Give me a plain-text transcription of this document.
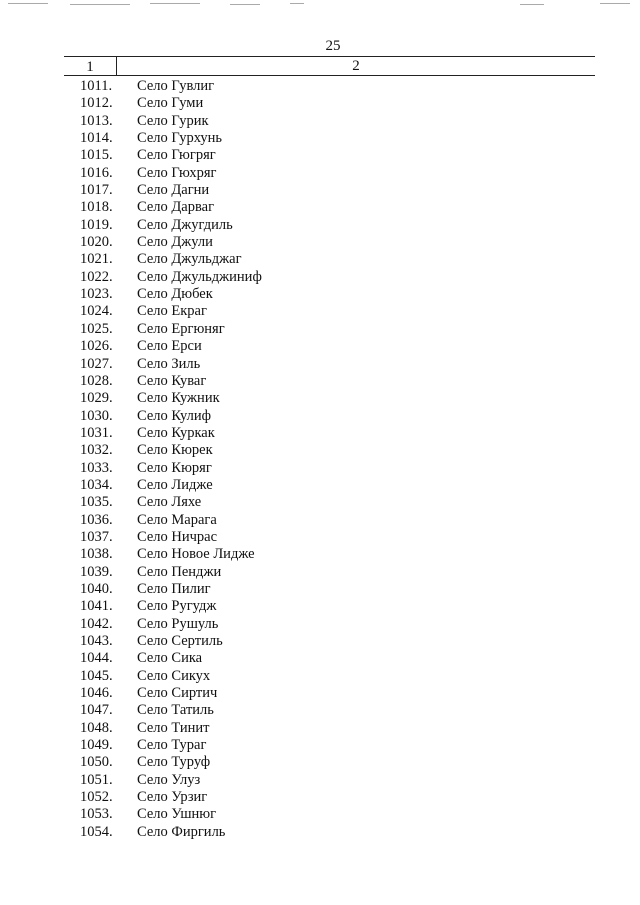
25
1	2
1011. Село Гувлиг
1012. Село Гуми
1013. Село Гурик
1014. Село Гурхунь
1015. Село Гюгряг
1016. Село Гюхряг
1017. Село Дагни
1018. Село Дарваг
1019. Село Джугдиль
1020. Село Джули
1021. Село Джульджаг
1022. Село Джульджиниф
1023. Село Дюбек
1024. Село Екраг
1025. Село Ергюняг
1026. Село Ерси
1027. Село Зиль
1028. Село Куваг
1029. Село Кужник
1030. Село Кулиф
1031. Село Куркак
1032. Село Кюрек
1033. Село Кюряг
1034. Село Лидже
1035. Село Ляхе
1036. Село Марага
1037. Село Ничрас
1038. Село Новое Лидже
1039. Село Пенджи
1040. Село Пилиг
1041. Село Ругудж
1042. Село Рушуль
1043. Село Сертиль
1044. Село Сика
1045. Село Сикух
1046. Село Сиртич
1047. Село Татиль
1048. Село Тинит
1049. Село Тураг
1050. Село Туруф
1051. Село Улуз
1052. Село Урзиг
1053. Село Ушнюг
1054. Село Фиргиль
